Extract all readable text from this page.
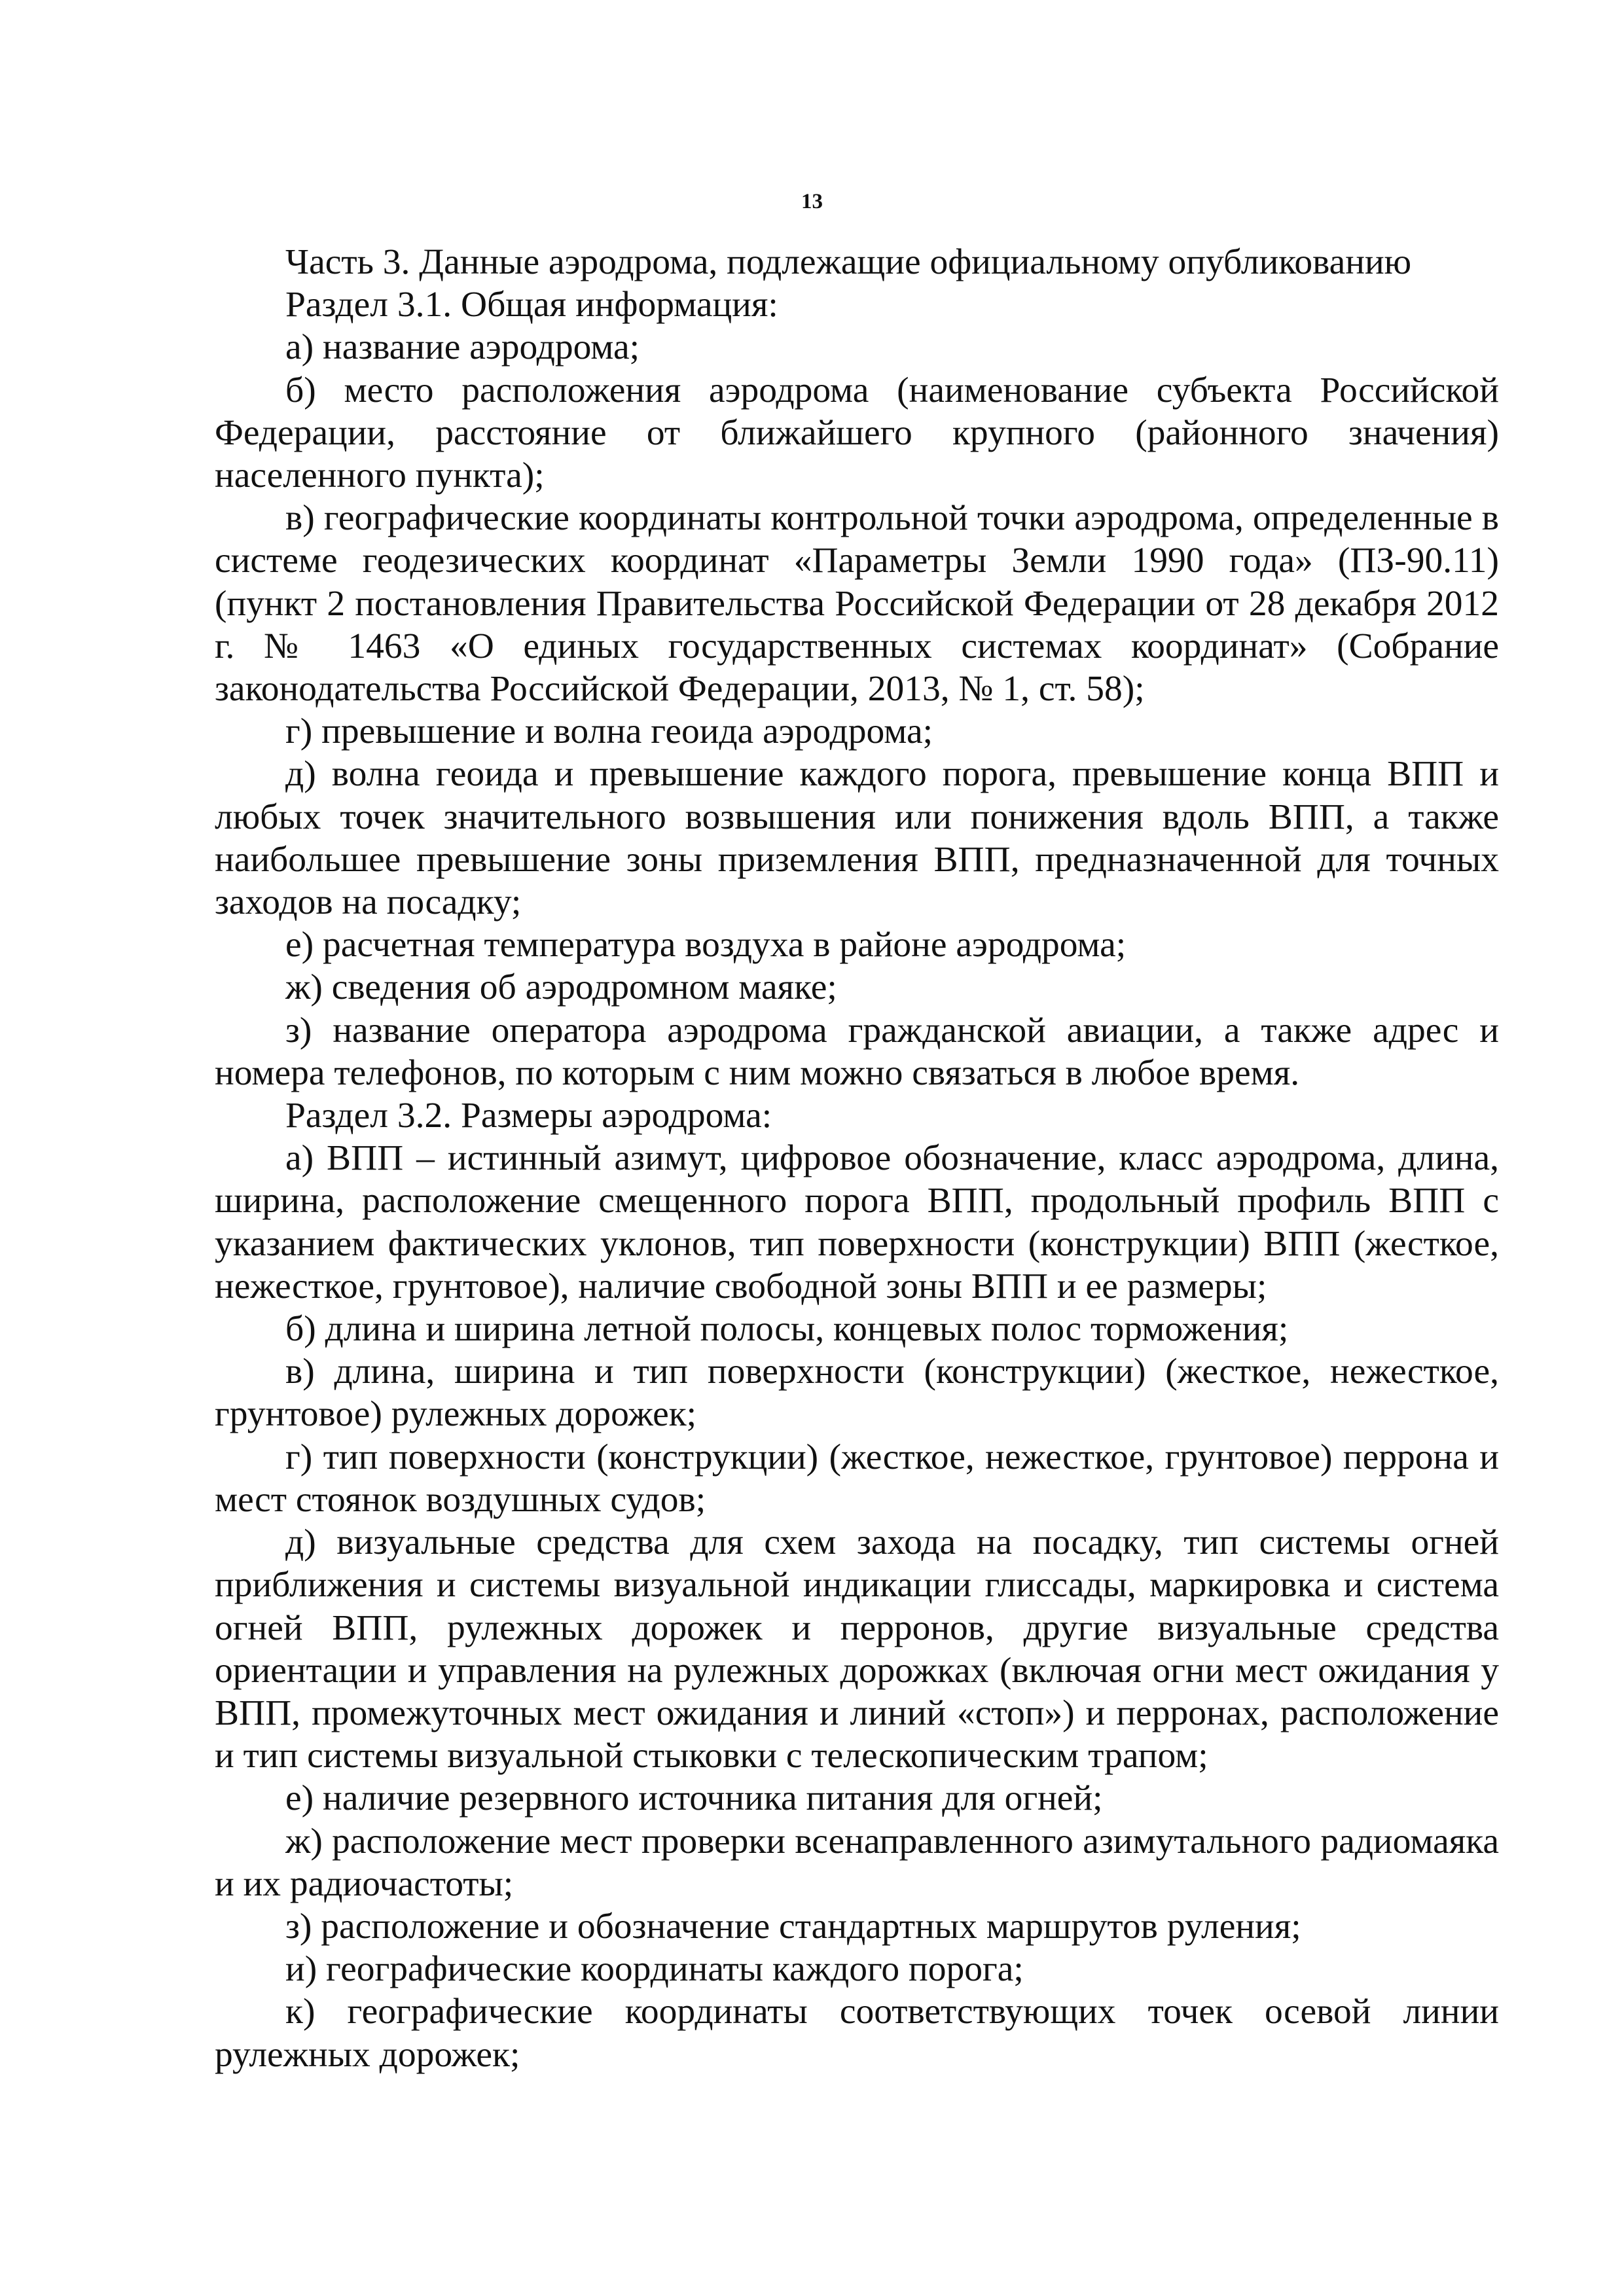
13

Часть 3. Данные аэродрома, подлежащие официальному опубликованию

Раздел 3.1. Общая информация:

а) название аэродрома;

б) место расположения аэродрома (наименование субъекта Российской Федерации, расстояние от ближайшего крупного (районного значения) населенного пункта);

в) географические координаты контрольной точки аэродрома, определенные в системе геодезических координат «Параметры Земли 1990 года» (ПЗ-90.11) (пункт 2 постановления Правительства Российской Федерации от 28 декабря 2012 г. № 1463 «О единых государственных системах координат» (Собрание законодательства Российской Федерации, 2013, № 1, ст. 58);

г) превышение и волна геоида аэродрома;

д) волна геоида и превышение каждого порога, превышение конца ВПП и любых точек значительного возвышения или понижения вдоль ВПП, а также наибольшее превышение зоны приземления ВПП, предназначенной для точных заходов на посадку;

е) расчетная температура воздуха в районе аэродрома;

ж) сведения об аэродромном маяке;

з) название оператора аэродрома гражданской авиации, а также адрес и номера телефонов, по которым с ним можно связаться в любое время.

Раздел 3.2. Размеры аэродрома:

а) ВПП – истинный азимут, цифровое обозначение, класс аэродрома, длина, ширина, расположение смещенного порога ВПП, продольный профиль ВПП с указанием фактических уклонов, тип поверхности (конструкции) ВПП (жесткое, нежесткое, грунтовое), наличие свободной зоны ВПП и ее размеры;

б) длина и ширина летной полосы, концевых полос торможения;

в) длина, ширина и тип поверхности (конструкции) (жесткое, нежесткое, грунтовое) рулежных дорожек;

г) тип поверхности (конструкции) (жесткое, нежесткое, грунтовое) перрона и мест стоянок воздушных судов;

д) визуальные средства для схем захода на посадку, тип системы огней приближения и системы визуальной индикации глиссады, маркировка и система огней ВПП, рулежных дорожек и перронов, другие визуальные средства ориентации и управления на рулежных дорожках (включая огни мест ожидания у ВПП, промежуточных мест ожидания и линий «стоп») и перронах, расположение и тип системы визуальной стыковки с телескопическим трапом;

е) наличие резервного источника питания для огней;

ж) расположение мест проверки всенаправленного азимутального радиомаяка и их радиочастоты;

з) расположение и обозначение стандартных маршрутов руления;

и) географические координаты каждого порога;

к) географические координаты соответствующих точек осевой линии рулежных дорожек;
